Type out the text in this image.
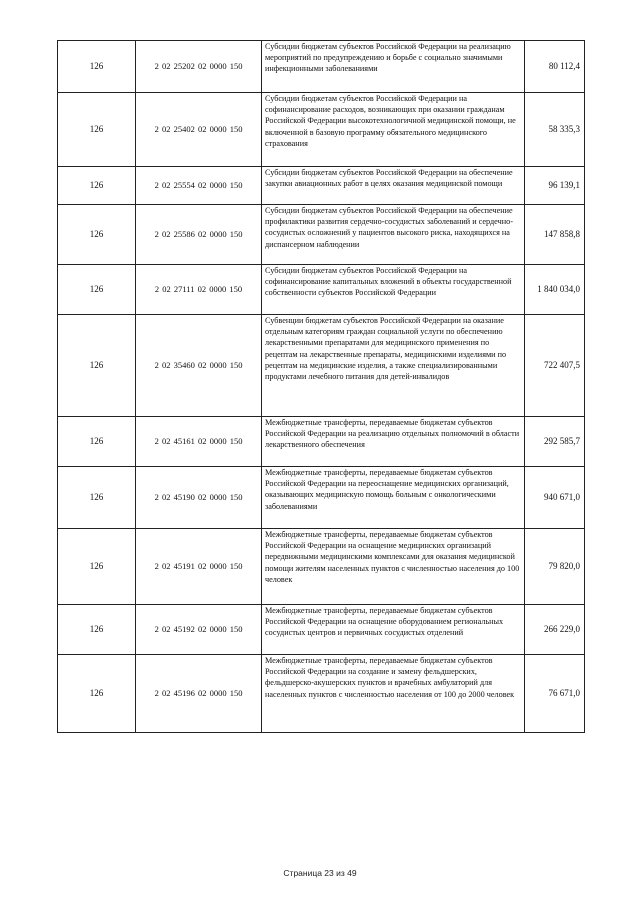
126	2 02 25202 02 0000 150	Субсидии бюджетам субъектов Российской Федерации на реализацию мероприятий по предупреждению и борьбе с социально значимыми инфекционными заболеваниями	80 112,4
126	2 02 25402 02 0000 150	Субсидии бюджетам субъектов Российской Федерации на софинансирование расходов, возникающих при оказании гражданам Российской Федерации высокотехнологичной медицинской помощи, не включенной в базовую программу обязательного медицинского страхования	58 335,3
126	2 02 25554 02 0000 150	Субсидии бюджетам субъектов Российской Федерации на обеспечение закупки авиационных работ в целях оказания медицинской помощи	96 139,1
126	2 02 25586 02 0000 150	Субсидии бюджетам субъектов Российской Федерации на обеспечение профилактики развития сердечно-сосудистых заболеваний и сердечно-сосудистых осложнений у пациентов высокого риска, находящихся на диспансерном наблюдении	147 858,8
126	2 02 27111 02 0000 150	Субсидии бюджетам субъектов Российской Федерации на софинансирование капитальных вложений в объекты государственной собственности субъектов Российской Федерации	1 840 034,0
126	2 02 35460 02 0000 150	Субвенции бюджетам субъектов Российской Федерации на оказание отдельным категориям граждан социальной услуги по обеспечению лекарственными препаратами для медицинского применения по рецептам на лекарственные препараты, медицинскими изделиями по рецептам на медицинские изделия, а также специализированными продуктами лечебного питания для детей-инвалидов	722 407,5
126	2 02 45161 02 0000 150	Межбюджетные трансферты, передаваемые бюджетам субъектов Российской Федерации на реализацию отдельных полномочий в области лекарственного обеспечения	292 585,7
126	2 02 45190 02 0000 150	Межбюджетные трансферты, передаваемые бюджетам субъектов Российской Федерации на переоснащение медицинских организаций, оказывающих медицинскую помощь больным с онкологическими заболеваниями	940 671,0
126	2 02 45191 02 0000 150	Межбюджетные трансферты, передаваемые бюджетам субъектов Российской Федерации на оснащение медицинских организаций передвижными медицинскими комплексами для оказания медицинской помощи жителям населенных пунктов с численностью населения до 100 человек	79 820,0
126	2 02 45192 02 0000 150	Межбюджетные трансферты, передаваемые бюджетам субъектов Российской Федерации на оснащение оборудованием региональных сосудистых центров и первичных сосудистых отделений	266 229,0
126	2 02 45196 02 0000 150	Межбюджетные трансферты, передаваемые бюджетам субъектов Российской Федерации на создание и замену фельдшерских, фельдшерско-акушерских пунктов и врачебных амбулаторий для населенных пунктов с численностью населения от 100 до 2000 человек	76 671,0
Страница 23 из 49
